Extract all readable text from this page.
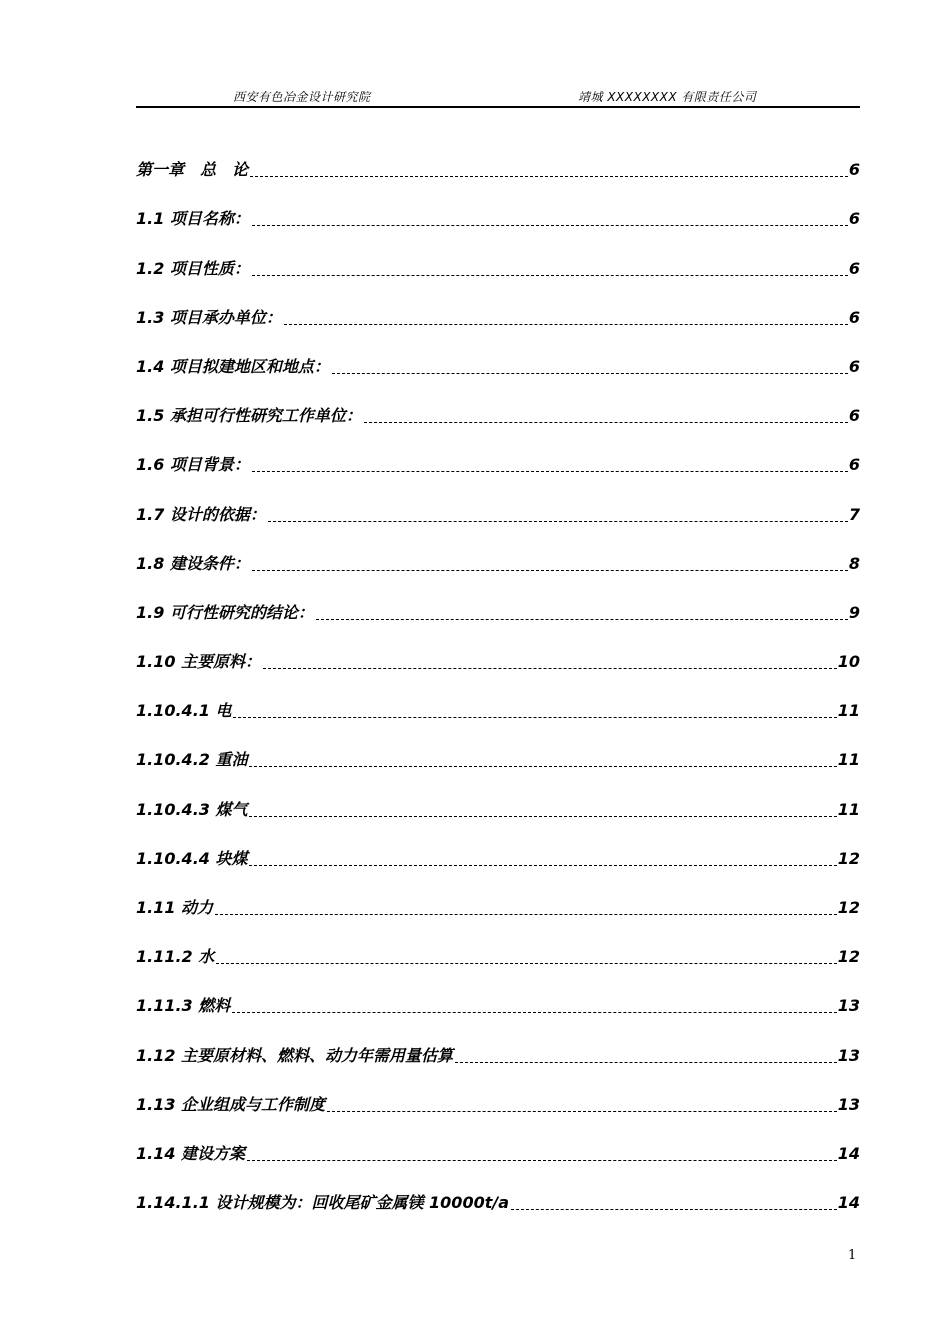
西安有色冶金设计研究院	靖城 XXXXXXXX 有限责任公司
第一章　总　论	6
1.1 项目名称：	6
1.2 项目性质：	6
1.3 项目承办单位：	6
1.4 项目拟建地区和地点：	6
1.5 承担可行性研究工作单位：	6
1.6 项目背景：	6
1.7 设计的依据：	7
1.8 建设条件：	8
1.9 可行性研究的结论：	9
1.10 主要原料：	10
1.10.4.1 电	11
1.10.4.2 重油	11
1.10.4.3 煤气	11
1.10.4.4 块煤	12
1.11 动力	12
1.11.2 水	12
1.11.3 燃料	13
1.12 主要原材料、燃料、动力年需用量估算	13
1.13 企业组成与工作制度	13
1.14 建设方案	14
1.14.1.1 设计规模为：回收尾矿金属镁 10000t/a	14
1
